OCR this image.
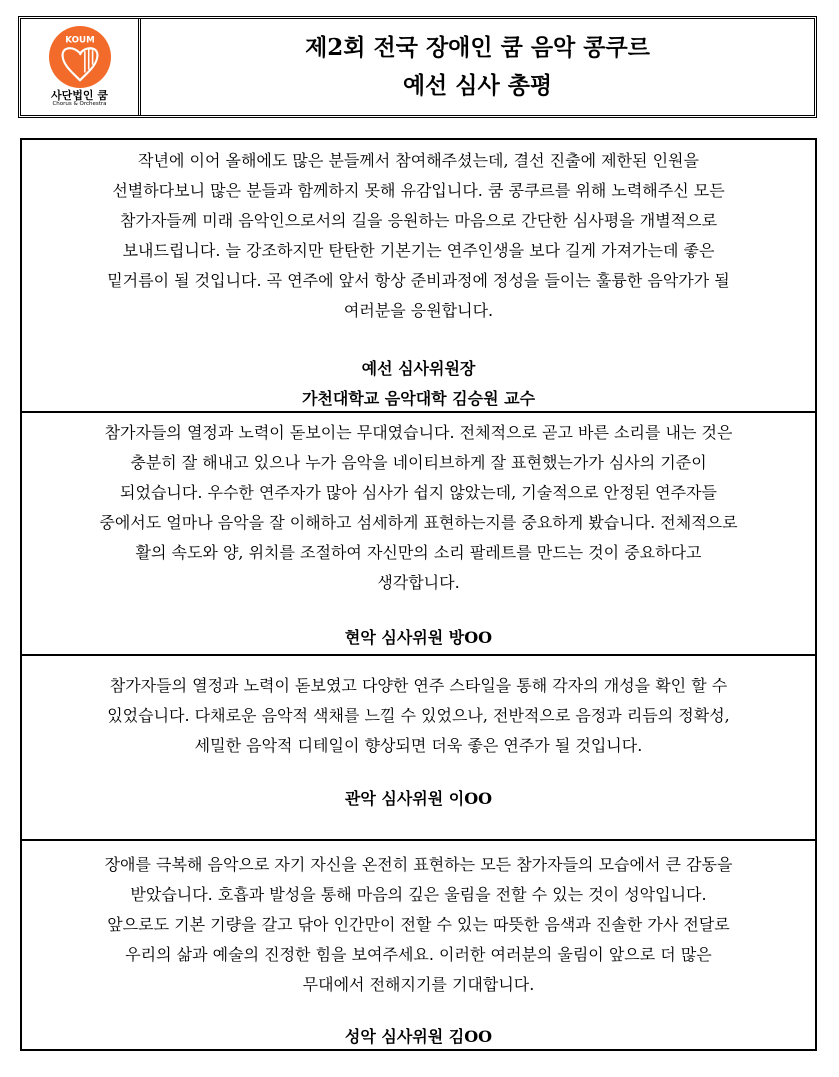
KOUM
사단법인 쿰
Chorus & Orchestra
제2회 전국 장애인 쿰 음악 콩쿠르
예선 심사 총평

작년에 이어 올해에도 많은 분들께서 참여해주셨는데, 결선 진출에 제한된 인원을

선별하다보니 많은 분들과 함께하지 못해 유감입니다. 쿰 콩쿠르를 위해 노력해주신 모든

참가자들께 미래 음악인으로서의 길을 응원하는 마음으로 간단한 심사평을 개별적으로

보내드립니다. 늘 강조하지만 탄탄한 기본기는 연주인생을 보다 길게 가져가는데 좋은

밑거름이 될 것입니다. 곡 연주에 앞서 항상 준비과정에 정성을 들이는 훌륭한 음악가가 될

여러분을 응원합니다.

예선 심사위원장

가천대학교 음악대학 김승원 교수

참가자들의 열정과 노력이 돋보이는 무대였습니다. 전체적으로 곧고 바른 소리를 내는 것은

충분히 잘 해내고 있으나 누가 음악을 네이티브하게 잘 표현했는가가 심사의 기준이

되었습니다. 우수한 연주자가 많아 심사가 쉽지 않았는데, 기술적으로 안정된 연주자들

중에서도 얼마나 음악을 잘 이해하고 섬세하게 표현하는지를 중요하게 봤습니다. 전체적으로

활의 속도와 양, 위치를 조절하여 자신만의 소리 팔레트를 만드는 것이 중요하다고

생각합니다.

현악 심사위원 방OO

참가자들의 열정과 노력이 돋보였고 다양한 연주 스타일을 통해 각자의 개성을 확인 할 수

있었습니다. 다채로운 음악적 색채를 느낄 수 있었으나, 전반적으로 음정과 리듬의 정확성,

세밀한 음악적 디테일이 향상되면 더욱 좋은 연주가 될 것입니다.

관악 심사위원 이OO

장애를 극복해 음악으로 자기 자신을 온전히 표현하는 모든 참가자들의 모습에서 큰 감동을

받았습니다. 호흡과 발성을 통해 마음의 깊은 울림을 전할 수 있는 것이 성악입니다.

앞으로도 기본 기량을 갈고 닦아 인간만이 전할 수 있는 따뜻한 음색과 진솔한 가사 전달로

우리의 삶과 예술의 진정한 힘을 보여주세요. 이러한 여러분의 울림이 앞으로 더 많은

무대에서 전해지기를 기대합니다.

성악 심사위원 김OO
